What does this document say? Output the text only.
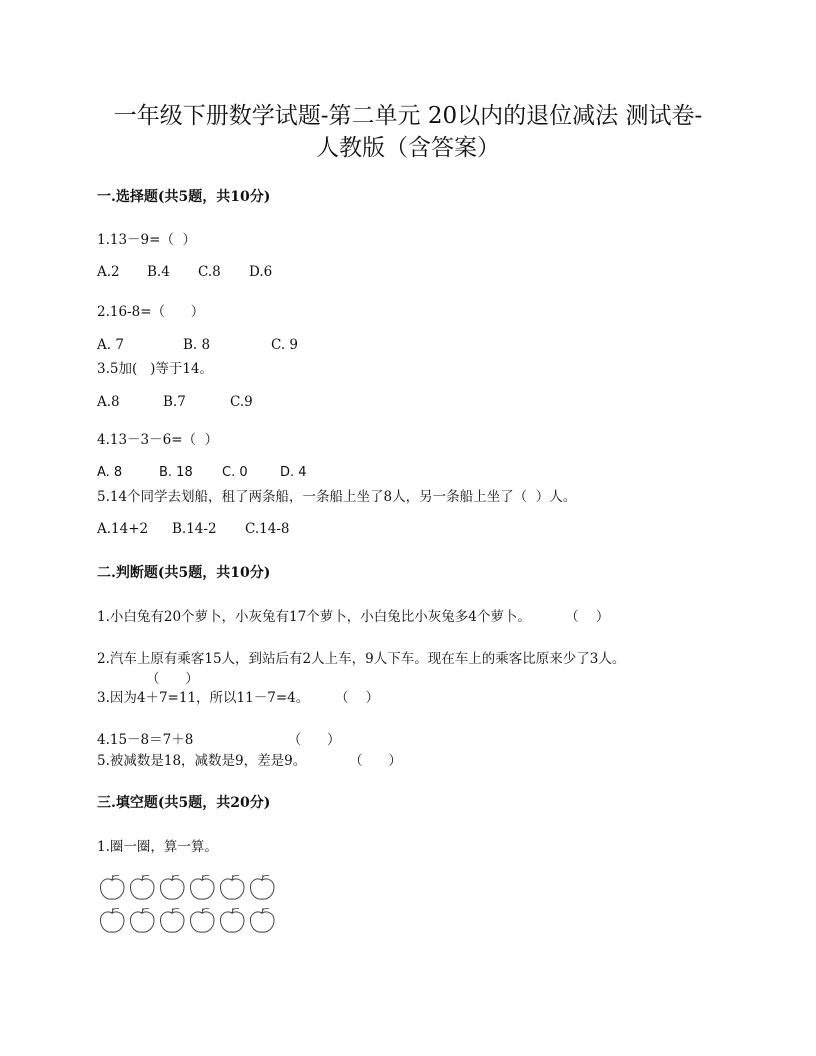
一年级下册数学试题-第二单元 20以内的退位减法 测试卷-
人教版（含答案）
一.选择题(共5题，共10分)
1.13－9=（  ）
A.2 B.4 C.8 D.6
2.16-8=（      ）
A. 7	B. 8	C. 9
3.5加(   )等于14。
A.8	B.7	C.9
4.13－3－6=（  ）
A. 8	B. 18 C. 0 D. 4
5.14个同学去划船，租了两条船，一条船上坐了8人，另一条船上坐了（  ）人。
A.14+2 B.14-2 C.14-8
二.判断题(共5题，共10分)
1.小白兔有20个萝卜，小灰兔有17个萝卜，小白兔比小灰兔多4个萝卜。        （    ）
2.汽车上原有乘客15人，到站后有2人上车，9人下车。现在车上的乘客比原来少了3人。
（      ）
3.因为4＋7=11，所以11－7=4。      （    ）
4.15－8＝7＋8                      （      ）
5.被减数是18，减数是9，差是9。          （      ）
三.填空题(共5题，共20分)
1.圈一圈，算一算。
